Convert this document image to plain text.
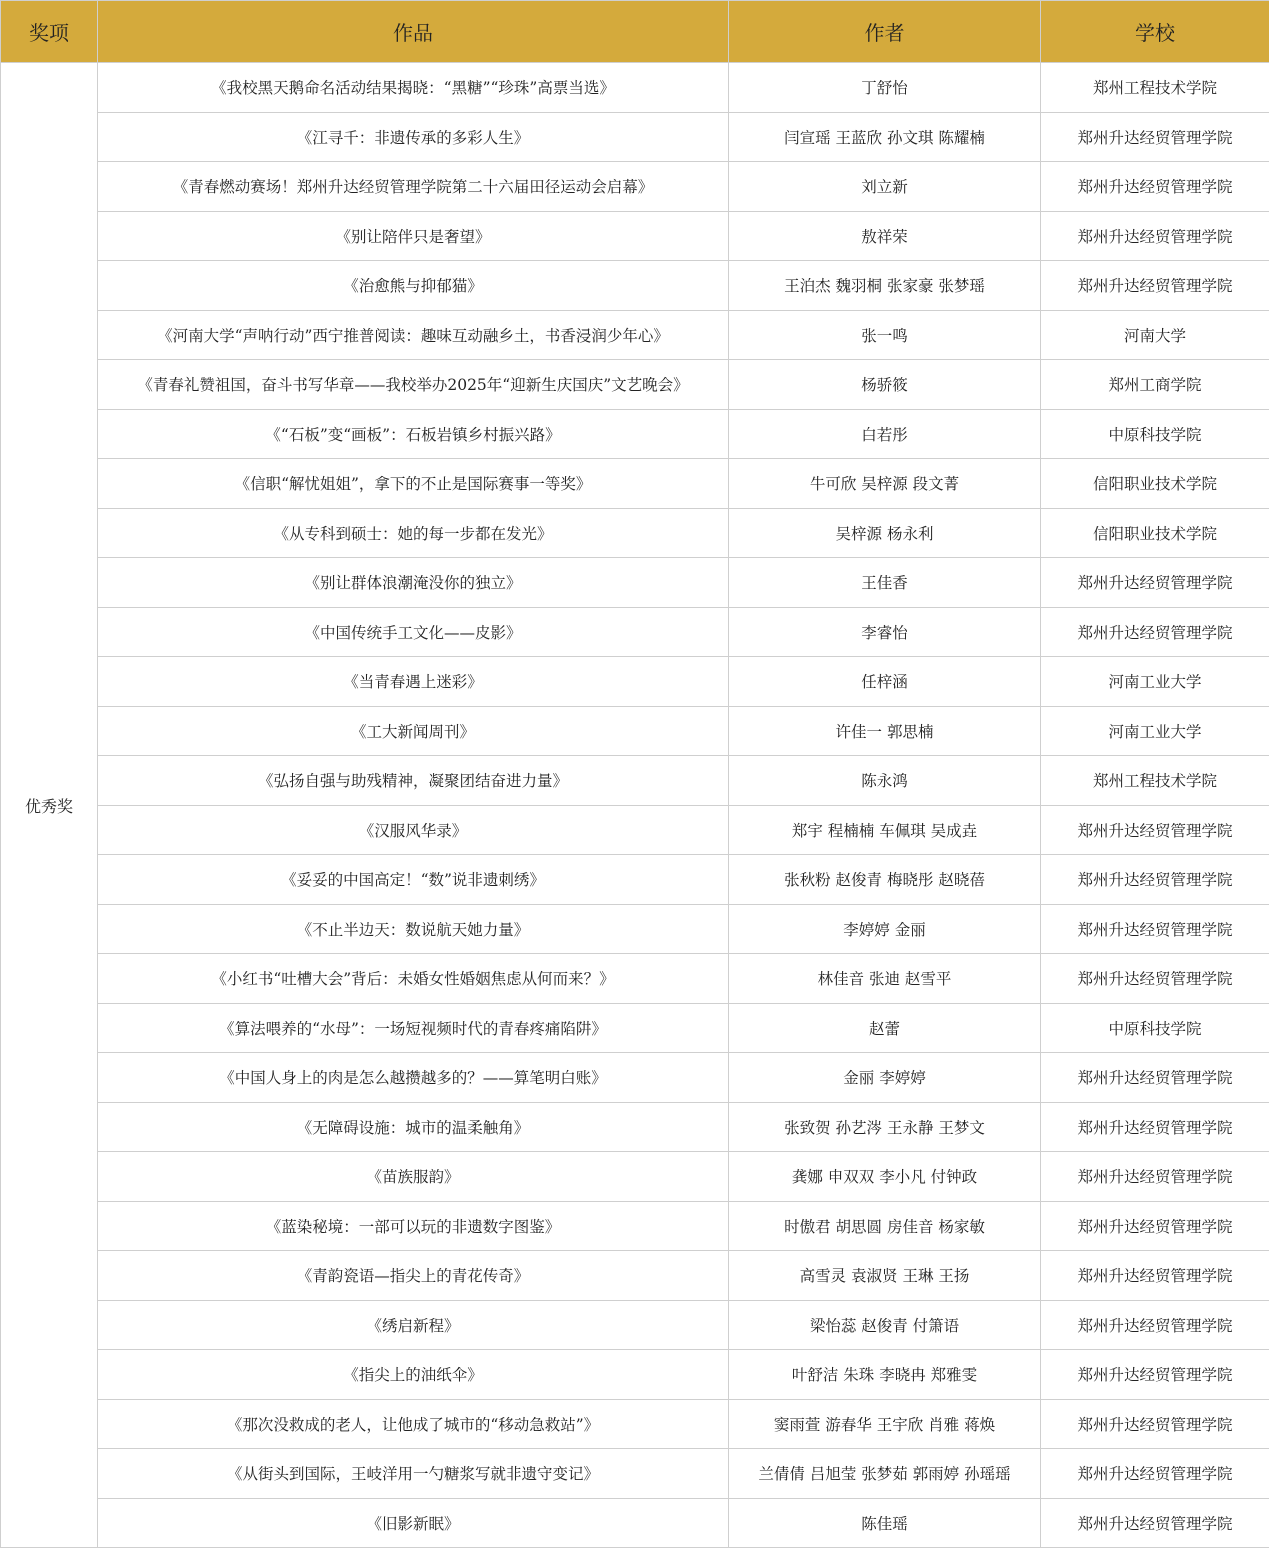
奖项	作品	作者	学校
优秀奖	《我校黑天鹅命名活动结果揭晓：“黑糖”“珍珠”高票当选》	丁舒怡	郑州工程技术学院
	《江寻千：非遗传承的多彩人生》	闫宣瑶 王蓝欣 孙文琪 陈耀楠	郑州升达经贸管理学院
	《青春燃动赛场！郑州升达经贸管理学院第二十六届田径运动会启幕》	刘立新	郑州升达经贸管理学院
	《别让陪伴只是奢望》	敖祥荣	郑州升达经贸管理学院
	《治愈熊与抑郁猫》	王泊杰 魏羽桐 张家豪 张梦瑶	郑州升达经贸管理学院
	《河南大学“声呐行动”西宁推普阅读：趣味互动融乡土，书香浸润少年心》	张一鸣	河南大学
	《青春礼赞祖国，奋斗书写华章——我校举办2025年“迎新生庆国庆”文艺晚会》	杨骄筱	郑州工商学院
	《“石板”变“画板”：石板岩镇乡村振兴路》	白若彤	中原科技学院
	《信职“解忧姐姐”，拿下的不止是国际赛事一等奖》	牛可欣 吴梓源 段文菁	信阳职业技术学院
	《从专科到硕士：她的每一步都在发光》	吴梓源 杨永利	信阳职业技术学院
	《别让群体浪潮淹没你的独立》	王佳香	郑州升达经贸管理学院
	《中国传统手工文化——皮影》	李睿怡	郑州升达经贸管理学院
	《当青春遇上迷彩》	任梓涵	河南工业大学
	《工大新闻周刊》	许佳一 郭思楠	河南工业大学
	《弘扬自强与助残精神，凝聚团结奋进力量》	陈永鸿	郑州工程技术学院
	《汉服风华录》	郑宇 程楠楠 车佩琪 吴成垚	郑州升达经贸管理学院
	《妥妥的中国高定！“数”说非遗刺绣》	张秋粉 赵俊青 梅晓彤 赵晓蓓	郑州升达经贸管理学院
	《不止半边天：数说航天她力量》	李婷婷 金丽	郑州升达经贸管理学院
	《小红书“吐槽大会”背后：未婚女性婚姻焦虑从何而来？》	林佳音 张迪 赵雪平	郑州升达经贸管理学院
	《算法喂养的“水母”：一场短视频时代的青春疼痛陷阱》	赵蕾	中原科技学院
	《中国人身上的肉是怎么越攒越多的？——算笔明白账》	金丽 李婷婷	郑州升达经贸管理学院
	《无障碍设施：城市的温柔触角》	张致贺 孙艺涔 王永静 王梦文	郑州升达经贸管理学院
	《苗族服韵》	龚娜 申双双 李小凡 付钟政	郑州升达经贸管理学院
	《蓝染秘境：一部可以玩的非遗数字图鉴》	时傲君 胡思圆 房佳音 杨家敏	郑州升达经贸管理学院
	《青韵瓷语—指尖上的青花传奇》	高雪灵 袁淑贤 王琳 王扬	郑州升达经贸管理学院
	《绣启新程》	梁怡蕊 赵俊青 付箫语	郑州升达经贸管理学院
	《指尖上的油纸伞》	叶舒洁 朱珠 李晓冉 郑雅雯	郑州升达经贸管理学院
	《那次没救成的老人，让他成了城市的“移动急救站”》	窦雨萱 游春华 王宇欣 肖雅 蒋焕	郑州升达经贸管理学院
	《从街头到国际，王岐洋用一勺糖浆写就非遗守变记》	兰倩倩 吕旭莹 张梦茹 郭雨婷 孙瑶瑶	郑州升达经贸管理学院
	《旧影新眠》	陈佳瑶	郑州升达经贸管理学院
